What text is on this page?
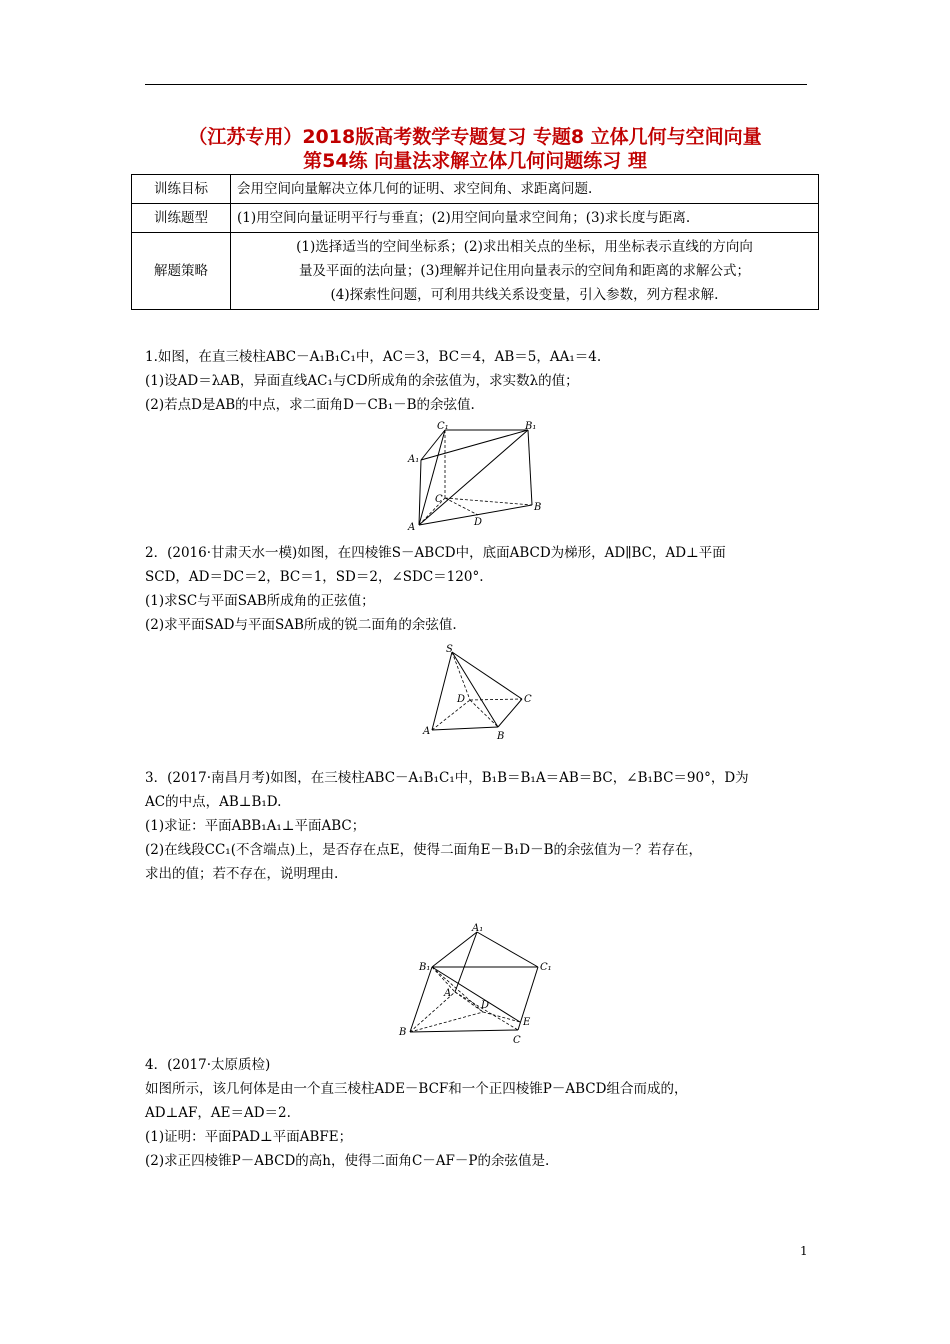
（江苏专用）2018版高考数学专题复习 专题8 立体几何与空间向量
第54练 向量法求解立体几何问题练习 理
训练目标	会用空间向量解决立体几何的证明、求空间角、求距离问题.
训练题型	(1)用空间向量证明平行与垂直；(2)用空间向量求空间角；(3)求长度与距离.
解题策略	(1)选择适当的空间坐标系；(2)求出相关点的坐标，用坐标表示直线的方向向
量及平面的法向量；(3)理解并记住用向量表示的空间角和距离的求解公式；
(4)探索性问题，可利用共线关系设变量，引入参数，列方程求解.
1.如图，在直三棱柱ABC－A₁B₁C₁中，AC＝3，BC＝4，AB＝5，AA₁＝4.
(1)设AD＝λAB，异面直线AC₁与CD所成角的余弦值为，求实数λ的值；
(2)若点D是AB的中点，求二面角D－CB₁－B的余弦值.
C₁	B₁
A₁
C
A	D
B
2．(2016·甘肃天水一模)如图，在四棱锥S－ABCD中，底面ABCD为梯形，AD∥BC，AD⊥平面
SCD，AD＝DC＝2，BC＝1，SD＝2，∠SDC＝120°.
(1)求SC与平面SAB所成角的正弦值；
(2)求平面SAD与平面SAB所成的锐二面角的余弦值.
S
D	C
A	B
3．(2017·南昌月考)如图，在三棱柱ABC－A₁B₁C₁中，B₁B＝B₁A＝AB＝BC，∠B₁BC＝90°，D为
AC的中点，AB⊥B₁D.
(1)求证：平面ABB₁A₁⊥平面ABC；
(2)在线段CC₁(不含端点)上，是否存在点E，使得二面角E－B₁D－B的余弦值为－？若存在，
求出的值；若不存在，说明理由.
A₁
B₁	C₁
A
D
E
B
C
4．(2017·太原质检)
如图所示，该几何体是由一个直三棱柱ADE－BCF和一个正四棱锥P－ABCD组合而成的，
AD⊥AF，AE＝AD＝2.
(1)证明：平面PAD⊥平面ABFE；
(2)求正四棱锥P－ABCD的高h，使得二面角C－AF－P的余弦值是.
1
